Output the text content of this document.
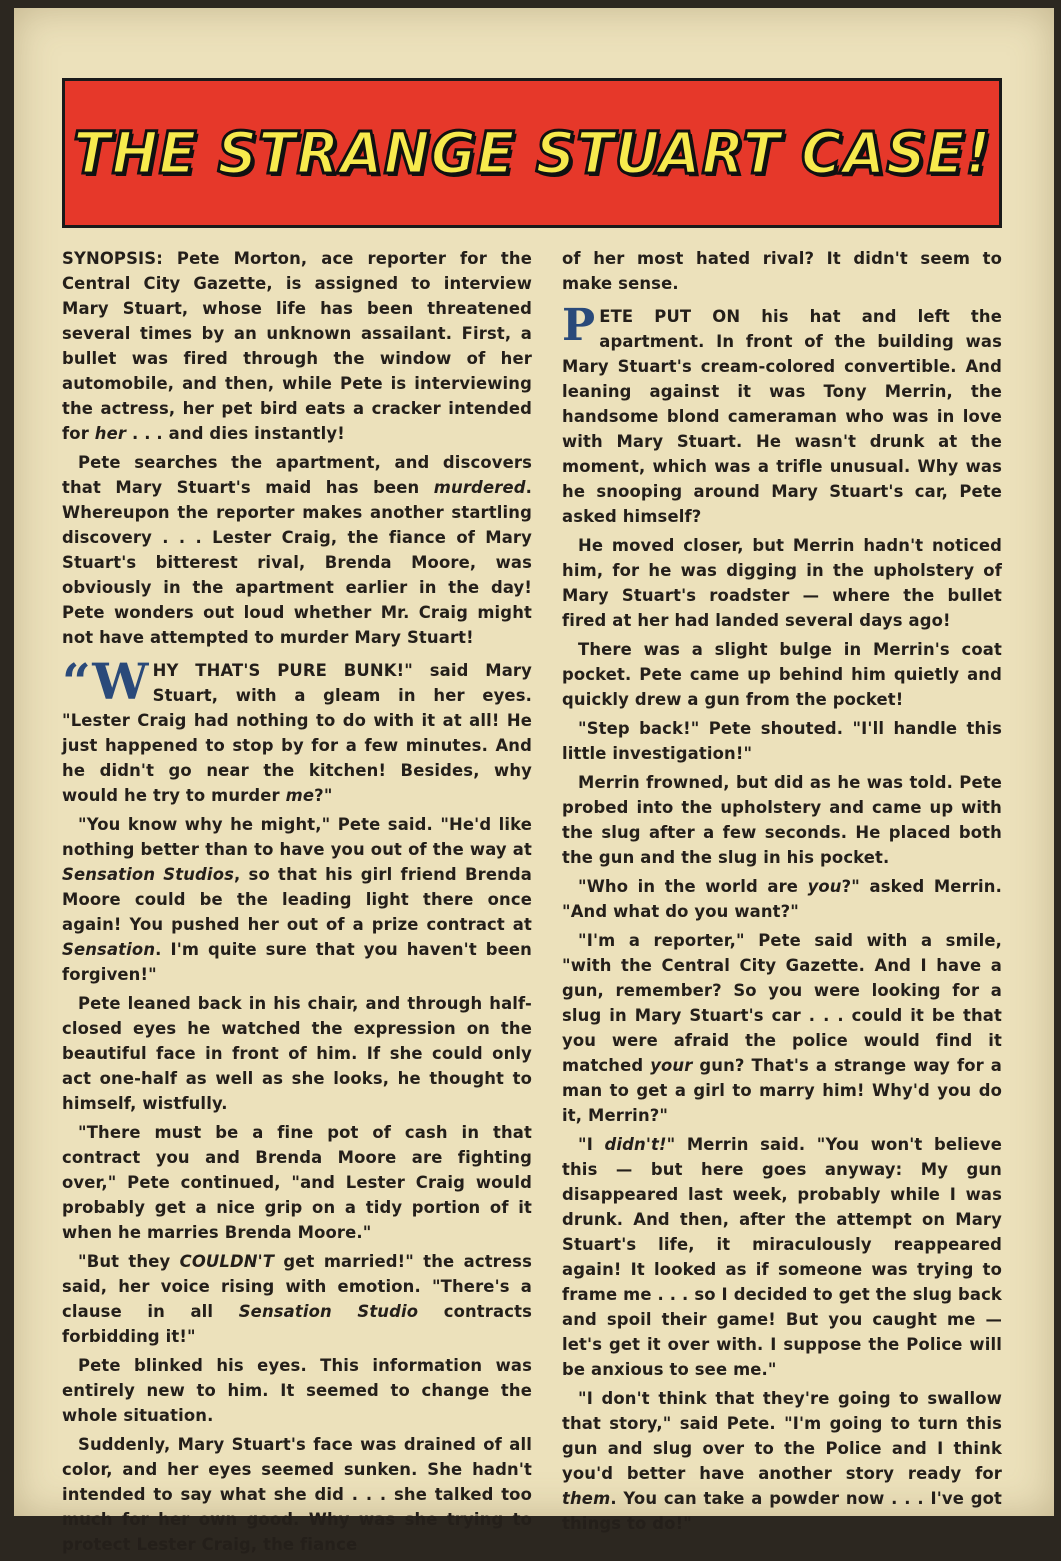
THE STRANGE STUART CASE!

SYNOPSIS: Pete Morton, ace reporter for the Central City Gazette, is assigned to interview Mary Stuart, whose life has been threatened several times by an unknown assailant. First, a bullet was fired through the window of her automobile, and then, while Pete is interviewing the actress, her pet bird eats a cracker intended for her . . . and dies instantly!

Pete searches the apartment, and discovers that Mary Stuart's maid has been murdered. Whereupon the reporter makes another startling discovery . . . Lester Craig, the fiance of Mary Stuart's bitterest rival, Brenda Moore, was obviously in the apartment earlier in the day! Pete wonders out loud whether Mr. Craig might not have attempted to murder Mary Stuart!

“WHY THAT'S PURE BUNK!" said Mary Stuart, with a gleam in her eyes. "Lester Craig had nothing to do with it at all! He just happened to stop by for a few minutes. And he didn't go near the kitchen! Besides, why would he try to murder me?"

"You know why he might," Pete said. "He'd like nothing better than to have you out of the way at Sensation Studios, so that his girl friend Brenda Moore could be the leading light there once again! You pushed her out of a prize contract at Sensation. I'm quite sure that you haven't been forgiven!"

Pete leaned back in his chair, and through half-closed eyes he watched the expression on the beautiful face in front of him. If she could only act one-half as well as she looks, he thought to himself, wistfully.

"There must be a fine pot of cash in that contract you and Brenda Moore are fighting over," Pete continued, "and Lester Craig would probably get a nice grip on a tidy portion of it when he marries Brenda Moore."

"But they COULDN'T get married!" the actress said, her voice rising with emotion. "There's a clause in all Sensation Studio contracts forbidding it!"

Pete blinked his eyes. This information was entirely new to him. It seemed to change the whole situation.

Suddenly, Mary Stuart's face was drained of all color, and her eyes seemed sunken. She hadn't intended to say what she did . . . she talked too much for her own good. Why was she trying to protect Lester Craig, the fiance

of her most hated rival? It didn't seem to make sense.

PETE PUT ON his hat and left the apartment. In front of the building was Mary Stuart's cream-colored convertible. And leaning against it was Tony Merrin, the handsome blond cameraman who was in love with Mary Stuart. He wasn't drunk at the moment, which was a trifle unusual. Why was he snooping around Mary Stuart's car, Pete asked himself?

He moved closer, but Merrin hadn't noticed him, for he was digging in the upholstery of Mary Stuart's roadster — where the bullet fired at her had landed several days ago!

There was a slight bulge in Merrin's coat pocket. Pete came up behind him quietly and quickly drew a gun from the pocket!

"Step back!" Pete shouted. "I'll handle this little investigation!"

Merrin frowned, but did as he was told. Pete probed into the upholstery and came up with the slug after a few seconds. He placed both the gun and the slug in his pocket.

"Who in the world are you?" asked Merrin. "And what do you want?"

"I'm a reporter," Pete said with a smile, "with the Central City Gazette. And I have a gun, remember? So you were looking for a slug in Mary Stuart's car . . . could it be that you were afraid the police would find it matched your gun? That's a strange way for a man to get a girl to marry him! Why'd you do it, Merrin?"

"I didn't!" Merrin said. "You won't believe this — but here goes anyway: My gun disappeared last week, probably while I was drunk. And then, after the attempt on Mary Stuart's life, it miraculously reappeared again! It looked as if someone was trying to frame me . . . so I decided to get the slug back and spoil their game! But you caught me — let's get it over with. I suppose the Police will be anxious to see me."

"I don't think that they're going to swallow that story," said Pete. "I'm going to turn this gun and slug over to the Police and I think you'd better have another story ready for them. You can take a powder now . . . I've got things to do!"
